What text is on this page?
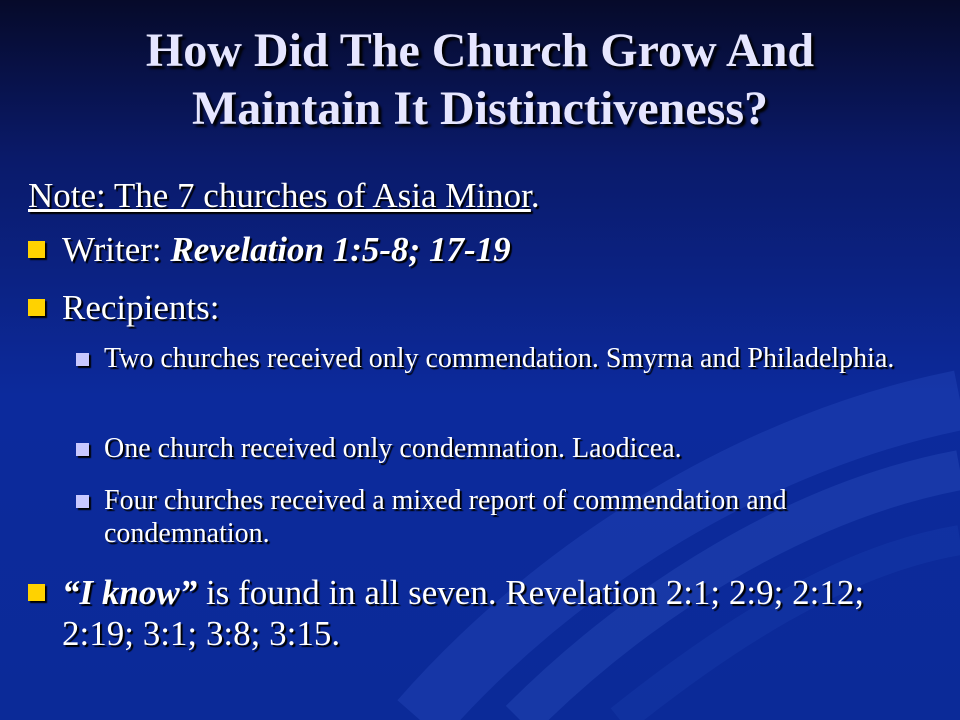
How Did The Church Grow And
Maintain It Distinctiveness?
Note: The 7 churches of Asia Minor.
Writer: Revelation 1:5-8; 17-19
Recipients:
Two churches received only commendation. Smyrna and Philadelphia.
One church received only condemnation. Laodicea.
Four churches received a mixed report of commendation and condemnation.
“I know” is found in all seven. Revelation 2:1; 2:9; 2:12; 2:19; 3:1; 3:8; 3:15.
